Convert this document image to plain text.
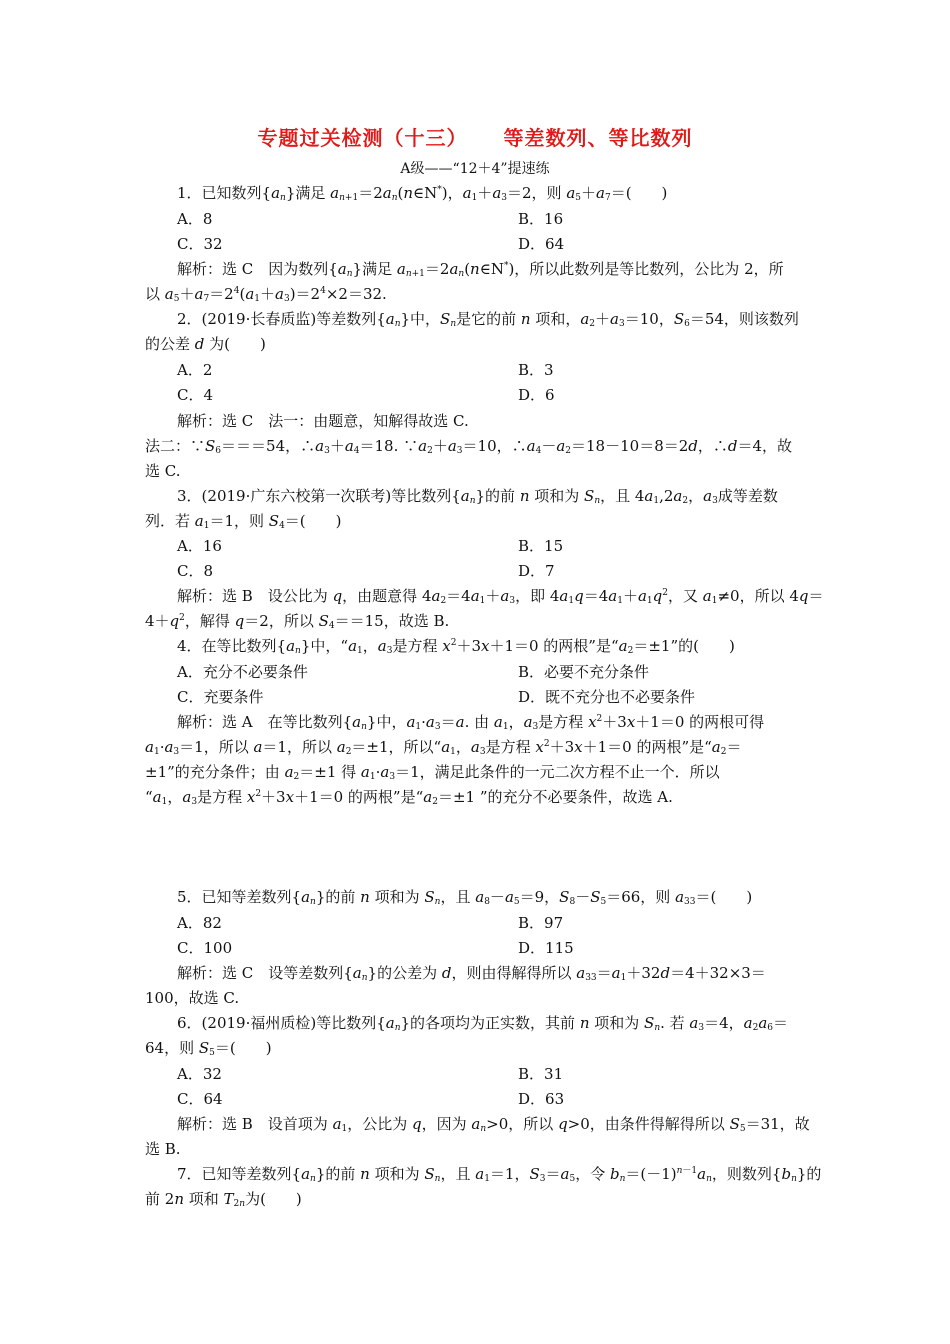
专题过关检测（十三） 等差数列、等比数列
A级——“12＋4”提速练
1．已知数列$\{a_n\}$满足 $a_{n+1}=2a_n(n\in N^*)$，$a_1+a_3=2$，则 $a_5+a_7=$(　　)
A．8	B．16
C．32	D．64
解析：选 C　因为数列$\{a_n\}$满足 $a_{n+1}=2a_n(n\in N^*)$，所以此数列是等比数列，公比为 2，所
以 $a_5+a_7=2^4(a_1+a_3)=2^4\times 2=32$.
2．(2019·长春质监)等差数列$\{a_n\}$中，$S_n$是它的前 n 项和，$a_2+a_3=10$，$S_6=54$，则该数列
的公差 d 为(　　)
A．2	B．3
C．4	D．6
解析：选 C　法一：由题意，知解得故选 C.
法二：$\because S_6===54$，$\therefore a_3+a_4=18$. $\because a_2+a_3=10$，$\therefore a_4-a_2=18-10=8=2d$，∴d＝4，故
选 C.
3．(2019·广东六校第一次联考)等比数列$\{a_n\}$的前 n 项和为 $S_n$，且 $4a_1,2a_2$，$a_3$成等差数
列．若 $a_1=1$，则 $S_4=$(　　)
A．16	B．15
C．8	D．7
解析：选 B　设公比为 q，由题意得 $4a_2=4a_1+a_3$，即 $4a_1q=4a_1+a_1q^2$，又 $a_1\ne 0$，所以 4q＝
$4+q^2$，解得 q＝2，所以 $S_4==15$，故选 B.
4．在等比数列$\{a_n\}$中，“$a_1$，$a_3$是方程 $x^2+3x+1=0$ 的两根”是“$a_2=\pm 1$”的(　　)
A．充分不必要条件	B．必要不充分条件
C．充要条件	D．既不充分也不必要条件
解析：选 A　在等比数列$\{a_n\}$中，$a_1\cdot a_3=a$. 由 $a_1$，$a_3$是方程 $x^2+3x+1=0$ 的两根可得
$a_1\cdot a_3=1$，所以 a＝1，所以 $a_2=\pm 1$，所以“$a_1$，$a_3$是方程 $x^2+3x+1=0$ 的两根”是“$a_2=$
±1”的充分条件；由 $a_2=\pm 1$ 得 $a_1\cdot a_3=1$，满足此条件的一元二次方程不止一个．所以
“$a_1$，$a_3$是方程 $x^2+3x+1=0$ 的两根”是“$a_2=\pm 1$ ”的充分不必要条件，故选 A.
5．已知等差数列$\{a_n\}$的前 n 项和为 $S_n$，且 $a_8-a_5=9$，$S_8-S_5=66$，则 $a_{33}=$(　　)
A．82	B．97
C．100	D．115
解析：选 C　设等差数列$\{a_n\}$的公差为 d，则由得解得所以 $a_{33}=a_1+32d=4+32\times 3=$
100，故选 C.
6．(2019·福州质检)等比数列$\{a_n\}$的各项均为正实数，其前 n 项和为 $S_n$. 若 $a_3=4$，$a_2a_6=$
64，则 $S_5=$(　　)
A．32	B．31
C．64	D．63
解析：选 B　设首项为 $a_1$，公比为 q，因为 $a_n>0$，所以 q>0，由条件得解得所以 $S_5=31$，故
选 B.
7．已知等差数列$\{a_n\}$的前 n 项和为 $S_n$，且 $a_1=1$，$S_3=a_5$，令 $b_n=(-1)^{n-1}a_n$，则数列$\{b_n\}$的
前 2n 项和 $T_{2n}$为(　　)
